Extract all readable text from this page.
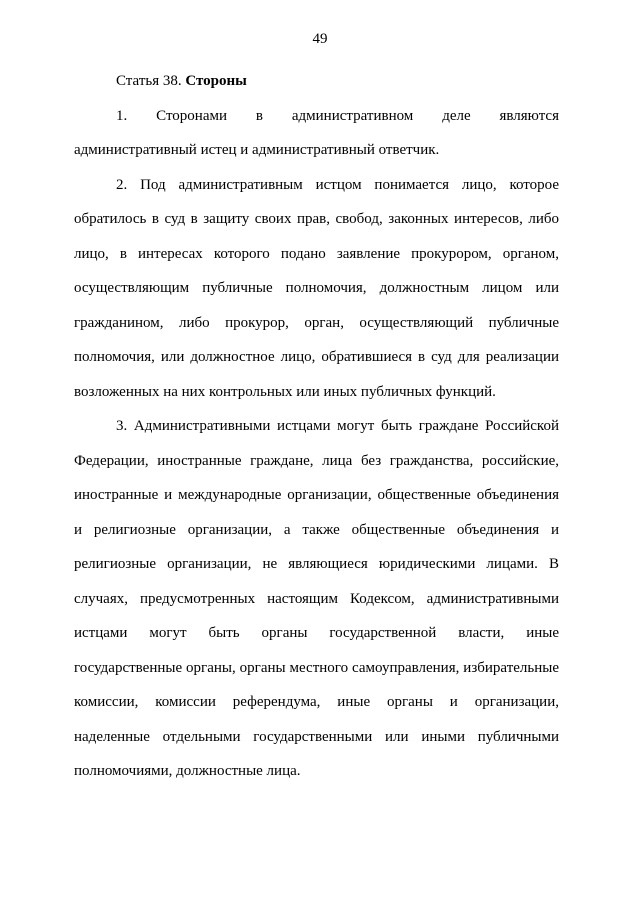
49

Статья 38. Стороны

1. Сторонами в административном деле являются административный истец и административный ответчик.

2. Под административным истцом понимается лицо, которое обратилось в суд в защиту своих прав, свобод, законных интересов, либо лицо, в интересах которого подано заявление прокурором, органом, осуществляющим публичные полномочия, должностным лицом или гражданином, либо прокурор, орган, осуществляющий публичные полномочия, или должностное лицо, обратившиеся в суд для реализации возложенных на них контрольных или иных публичных функций.

3. Административными истцами могут быть граждане Российской Федерации, иностранные граждане, лица без гражданства, российские, иностранные и международные организации, общественные объединения и религиозные организации, а также общественные объединения и религиозные организации, не являющиеся юридическими лицами. В случаях, предусмотренных настоящим Кодексом, административными истцами могут быть органы государственной власти, иные государственные органы, органы местного самоуправления, избирательные комиссии, комиссии референдума, иные органы и организации, наделенные отдельными государственными или иными публичными полномочиями, должностные лица.
